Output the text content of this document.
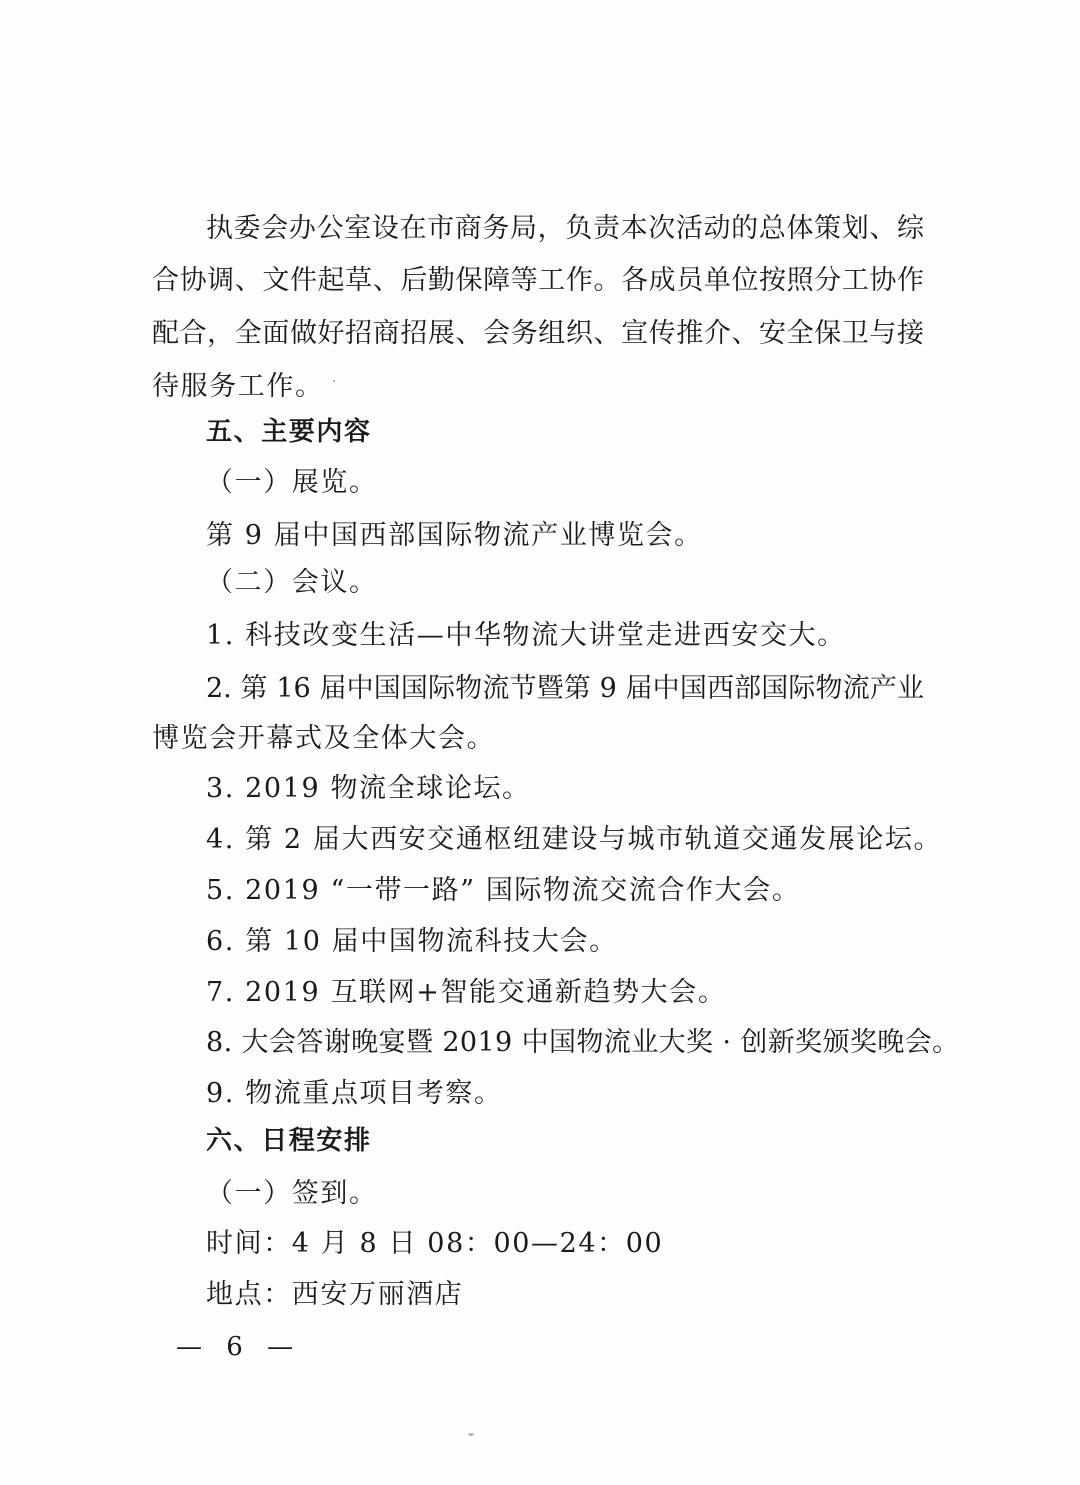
执委会办公室设在市商务局，负责本次活动的总体策划、综
合协调、文件起草、后勤保障等工作。各成员单位按照分工协作
配合，全面做好招商招展、会务组织、宣传推介、安全保卫与接
待服务工作。
五、主要内容
（一）展览。
第 9 届中国西部国际物流产业博览会。
（二）会议。
1. 科技改变生活—中华物流大讲堂走进西安交大。
2. 第 16 届中国国际物流节暨第 9 届中国西部国际物流产业
博览会开幕式及全体大会。
3. 2019 物流全球论坛。
4. 第 2 届大西安交通枢纽建设与城市轨道交通发展论坛。
5. 2019 “一带一路” 国际物流交流合作大会。
6. 第 10 届中国物流科技大会。
7. 2019 互联网+智能交通新趋势大会。
8. 大会答谢晚宴暨 2019 中国物流业大奖 · 创新奖颁奖晚会。
9. 物流重点项目考察。
六、日程安排
（一）签到。
时间：4 月 8 日 08：00—24：00
地点：西安万丽酒店
— 6 —
